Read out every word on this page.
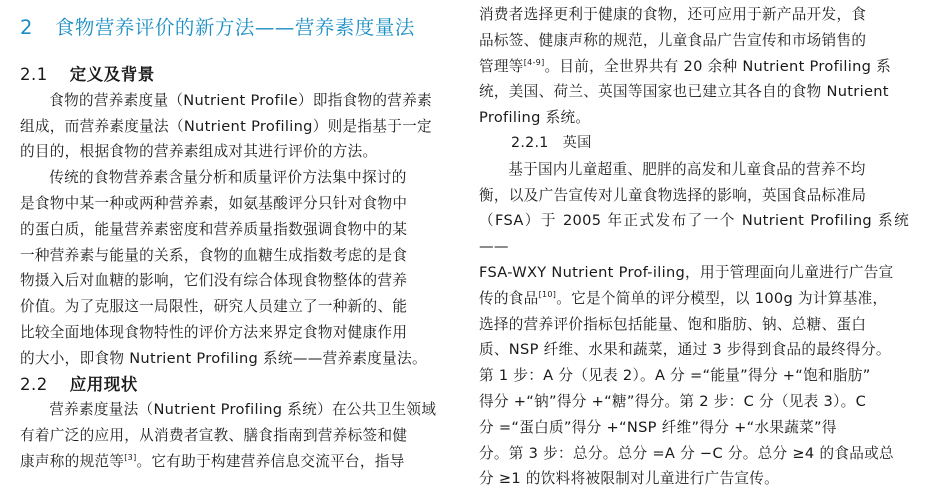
2 食物营养评价的新方法——营养素度量法

2.1 定义及背景

食物的营养素度量（Nutrient Profile）即指食物的营养素
组成，而营养素度量法（Nutrient Profiling）则是指基于一定
的目的，根据食物的营养素组成对其进行评价的方法。

传统的食物营养素含量分析和质量评价方法集中探讨的
是食物中某一种或两种营养素，如氨基酸评分只针对食物中
的蛋白质，能量营养素密度和营养质量指数强调食物中的某
一种营养素与能量的关系，食物的血糖生成指数考虑的是食
物摄入后对血糖的影响，它们没有综合体现食物整体的营养
价值。为了克服这一局限性，研究人员建立了一种新的、能
比较全面地体现食物特性的评价方法来界定食物对健康作用
的大小，即食物 Nutrient Profiling 系统——营养素度量法。

2.2 应用现状

营养素度量法（Nutrient Profiling 系统）在公共卫生领域
有着广泛的应用，从消费者宣教、膳食指南到营养标签和健
康声称的规范等[3]。它有助于构建营养信息交流平台，指导

消费者选择更利于健康的食物，还可应用于新产品开发，食
品标签、健康声称的规范，儿童食品广告宣传和市场销售的
管理等[4-9]。目前，全世界共有 20 余种 Nutrient Profiling 系
统，美国、荷兰、英国等国家也已建立其各自的食物 Nutrient
Profiling 系统。

2.2.1 英国

基于国内儿童超重、肥胖的高发和儿童食品的营养不均
衡，以及广告宣传对儿童食物选择的影响，英国食品标准局
（FSA）于 2005 年正式发布了一个 Nutrient Profiling 系统——
FSA-WXY Nutrient Prof-iling，用于管理面向儿童进行广告宣
传的食品[10]。它是个简单的评分模型，以 100g 为计算基准，
选择的营养评价指标包括能量、饱和脂肪、钠、总糖、蛋白
质、NSP 纤维、水果和蔬菜，通过 3 步得到食品的最终得分。
第 1 步：A 分（见表 2）。A 分 =“能量”得分 +“饱和脂肪”
得分 +“钠”得分 +“糖”得分。第 2 步：C 分（见表 3）。C
分 =“蛋白质”得分 +“NSP 纤维”得分 +“水果蔬菜”得
分。第 3 步：总分。总分 =A 分 −C 分。总分 ≥4 的食品或总
分 ≥1 的饮料将被限制对儿童进行广告宣传。
